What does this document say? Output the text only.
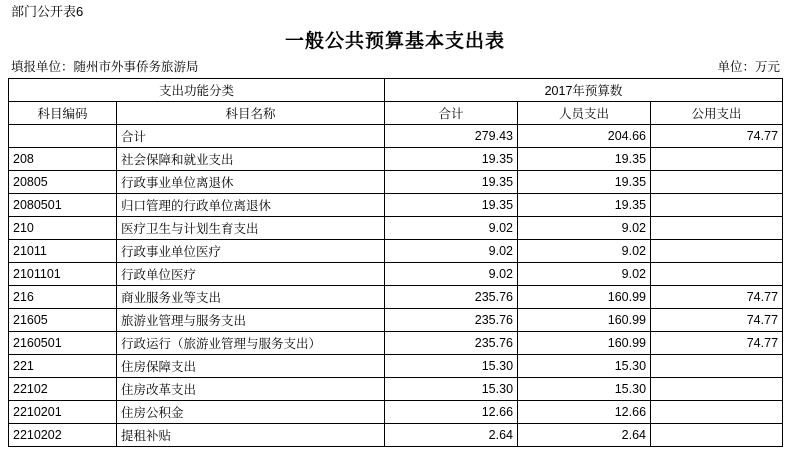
部门公开表6
一般公共预算基本支出表
填报单位：随州市外事侨务旅游局	单位：万元
支出功能分类		2017年预算数		
科目编码	科目名称	合计	人员支出	公用支出
	合计	279.43	204.66	74.77
208	社会保障和就业支出	19.35	19.35	
20805	行政事业单位离退休	19.35	19.35	
2080501	归口管理的行政单位离退休	19.35	19.35	
210	医疗卫生与计划生育支出	9.02	9.02	
21011	行政事业单位医疗	9.02	9.02	
2101101	行政单位医疗	9.02	9.02	
216	商业服务业等支出	235.76	160.99	74.77
21605	旅游业管理与服务支出	235.76	160.99	74.77
2160501	行政运行（旅游业管理与服务支出）	235.76	160.99	74.77
221	住房保障支出	15.30	15.30	
22102	住房改革支出	15.30	15.30	
2210201	住房公积金	12.66	12.66	
2210202	提租补贴	2.64	2.64	
